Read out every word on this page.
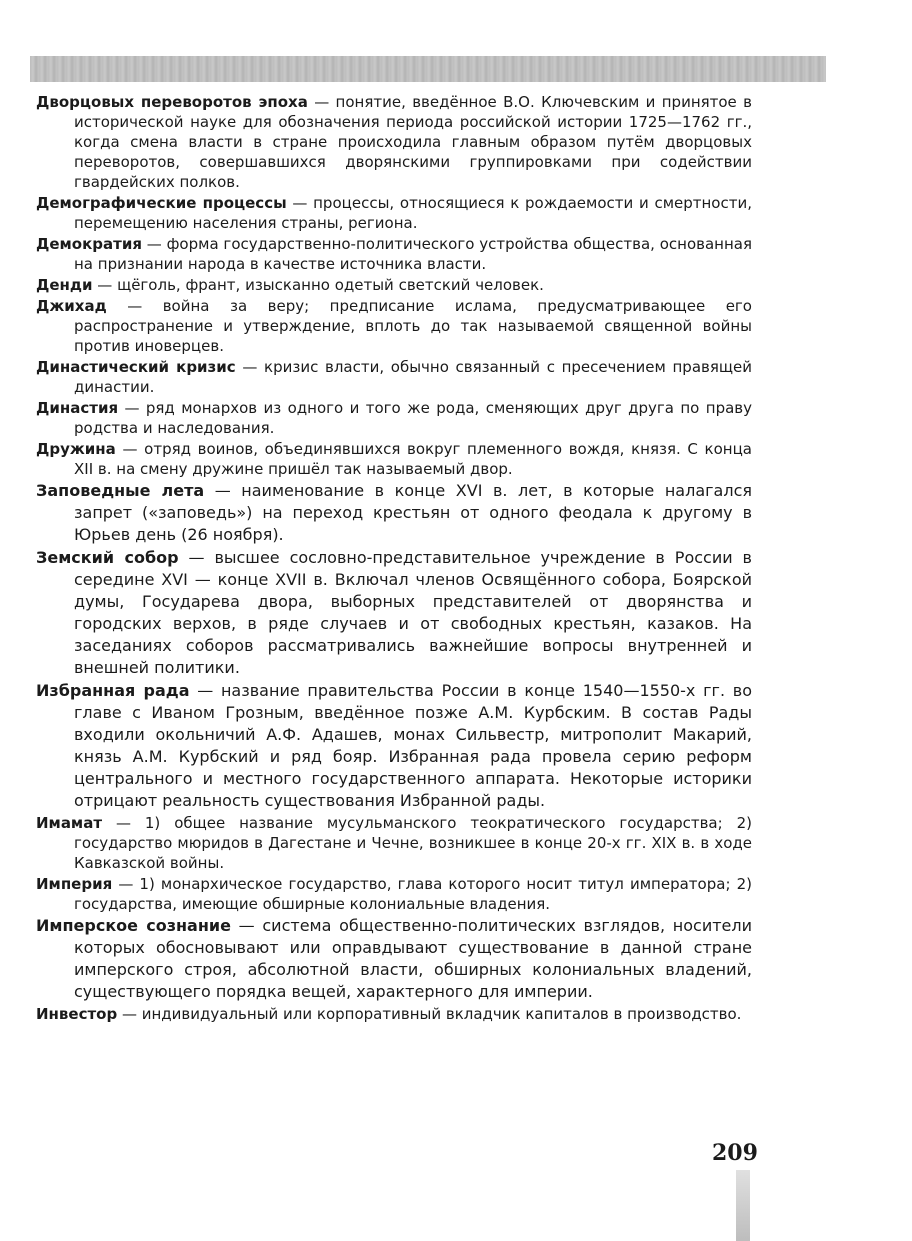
Дворцовых переворотов эпоха — понятие, введённое В.О. Ключевским и принятое в исторической науке для обозначения периода российской истории 1725—1762 гг., когда смена власти в стране происходила главным образом путём дворцовых переворотов, совершавшихся дворянскими группировками при содействии гвардейских полков.

Демографические процессы — процессы, относящиеся к рождаемости и смертности, перемещению населения страны, региона.

Демократия — форма государственно-политического устройства общества, основанная на признании народа в качестве источника власти.

Денди — щёголь, франт, изысканно одетый светский человек.

Джихад — война за веру; предписание ислама, предусматривающее его распространение и утверждение, вплоть до так называемой священной войны против иноверцев.

Династический кризис — кризис власти, обычно связанный с пресечением правящей династии.

Династия — ряд монархов из одного и того же рода, сменяющих друг друга по праву родства и наследования.

Дружина — отряд воинов, объединявшихся вокруг племенного вождя, князя. С конца XII в. на смену дружине пришёл так называемый двор.

Заповедные лета — наименование в конце XVI в. лет, в которые налагался запрет («заповедь») на переход крестьян от одного феодала к другому в Юрьев день (26 ноября).

Земский собор — высшее сословно-представительное учреждение в России в середине XVI — конце XVII в. Включал членов Освящённого собора, Боярской думы, Государева двора, выборных представителей от дворянства и городских верхов, в ряде случаев и от свободных крестьян, казаков. На заседаниях соборов рассматривались важнейшие вопросы внутренней и внешней политики.

Избранная рада — название правительства России в конце 1540—1550-х гг. во главе с Иваном Грозным, введённое позже А.М. Курбским. В состав Рады входили окольничий А.Ф. Адашев, монах Сильвестр, митрополит Макарий, князь А.М. Курбский и ряд бояр. Избранная рада провела серию реформ центрального и местного государственного аппарата. Некоторые историки отрицают реальность существования Избранной рады.

Имамат — 1) общее название мусульманского теократического государства; 2) государство мюридов в Дагестане и Чечне, возникшее в конце 20-х гг. XIX в. в ходе Кавказской войны.

Империя — 1) монархическое государство, глава которого носит титул императора; 2) государства, имеющие обширные колониальные владения.

Имперское сознание — система общественно-политических взглядов, носители которых обосновывают или оправдывают существование в данной стране имперского строя, абсолютной власти, обширных колониальных владений, существующего порядка вещей, характерного для империи.

Инвестор — индивидуальный или корпоративный вкладчик капиталов в производство.

209
